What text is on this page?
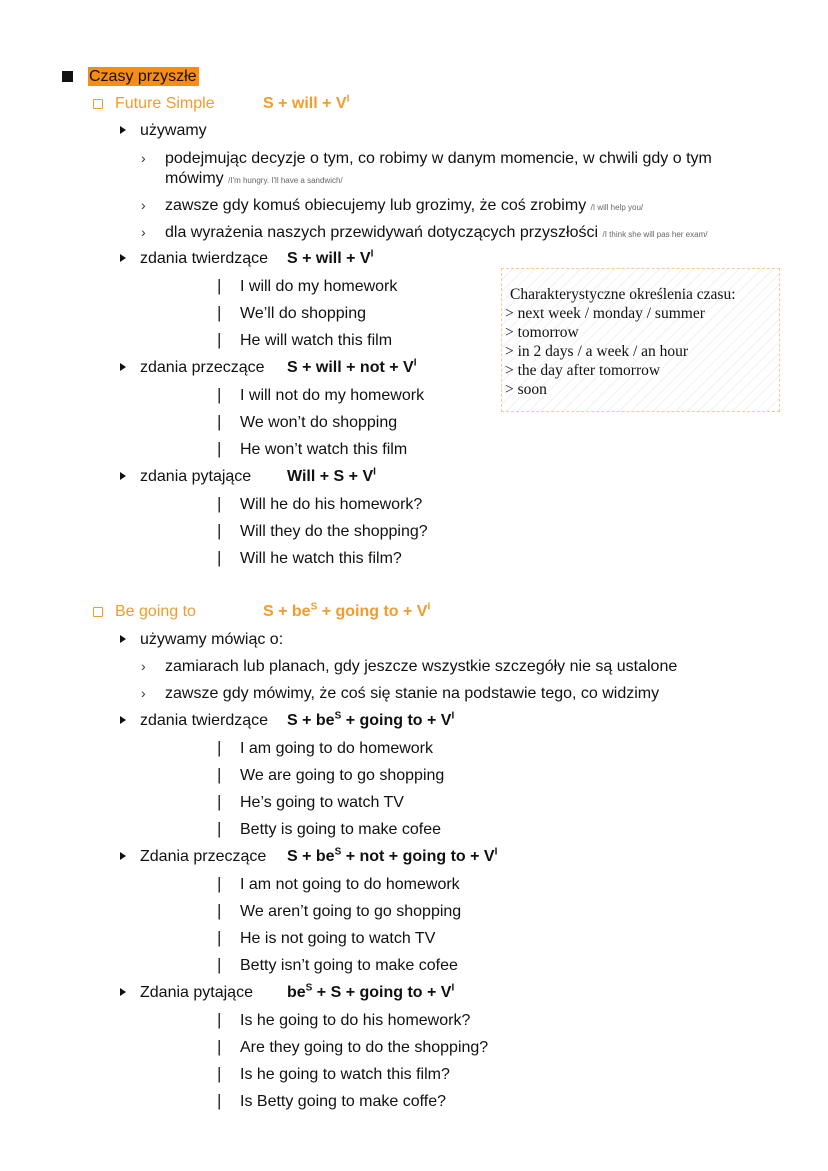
Czasy przyszłe
Future Simple	S + will + $V^I$
używamy
› podejmując decyzje o tym, co robimy w danym momencie, w chwili gdy o tym
mówimy /I'm hungry. I'll have a sandwich/
› zawsze gdy komuś obiecujemy lub grozimy, że coś zrobimy /I will help you/
› dla wyrażenia naszych przewidywań dotyczących przyszłości /I think she will pas her exam/
zdania twierdzące S + will + $V^I$
| I will do my homework
| We’ll do shopping
| He will watch this film
zdania przeczące S + will + not + $V^I$
| I will not do my homework
| We won’t do shopping
| He won’t watch this film
zdania pytające Will + $S + V^I$
| Will he do his homework?
| Will they do the shopping?
| Will he watch this film?
Charakterystyczne określenia czasu:
> next week / monday / summer
> tomorrow
> in 2 days / a week / an hour
> the day after tomorrow
> soon
Be going to	$S + be^S$ + going to + $V^I$
używamy mówiąc o:
› zamiarach lub planach, gdy jeszcze wszystkie szczegóły nie są ustalone
› zawsze gdy mówimy, że coś się stanie na podstawie tego, co widzimy
zdania twierdzące $S + be^S$ + going to + $V^I$
| I am going to do homework
| We are going to go shopping
| He’s going to watch TV
| Betty is going to make cofee
Zdania przeczące $S + be^S$ + not + going to + $V^I$
| I am not going to do homework
| We aren’t going to go shopping
| He is not going to watch TV
| Betty isn’t going to make cofee
Zdania pytające $be^S + S$ + going to + $V^I$
| Is he going to do his homework?
| Are they going to do the shopping?
| Is he going to watch this film?
| Is Betty going to make coffe?
